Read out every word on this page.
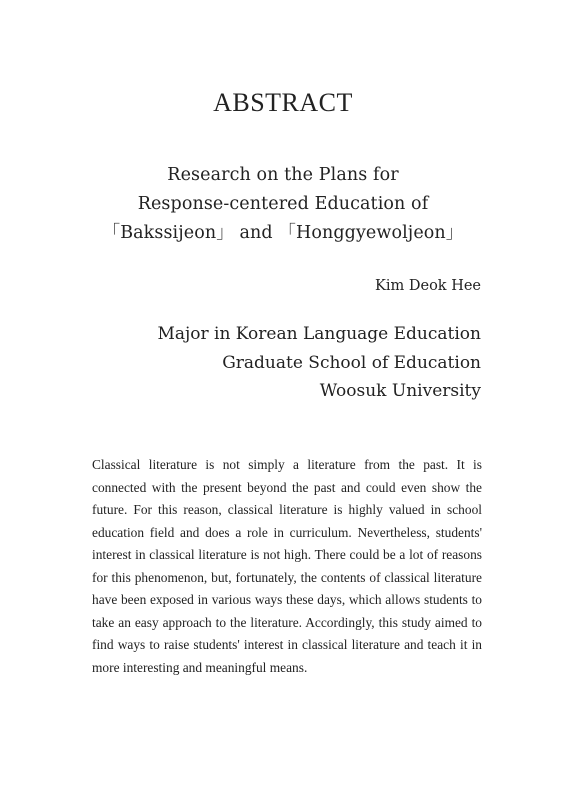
ABSTRACT
Research on the Plans for
Response-centered Education of
「Bakssijeon」 and 「Honggyewoljeon」
Kim Deok Hee
Major in Korean Language Education
Graduate School of Education
Woosuk University

Classical literature is not simply a literature from the past. It is connected with the present beyond the past and could even show the future. For this reason, classical literature is highly valued in school education field and does a role in curriculum. Nevertheless, students' interest in classical literature is not high. There could be a lot of reasons for this phenomenon, but, fortunately, the contents of classical literature have been exposed in various ways these days, which allows students to take an easy approach to the literature. Accordingly, this study aimed to find ways to raise students' interest in classical literature and teach it in more interesting and meaningful means.
